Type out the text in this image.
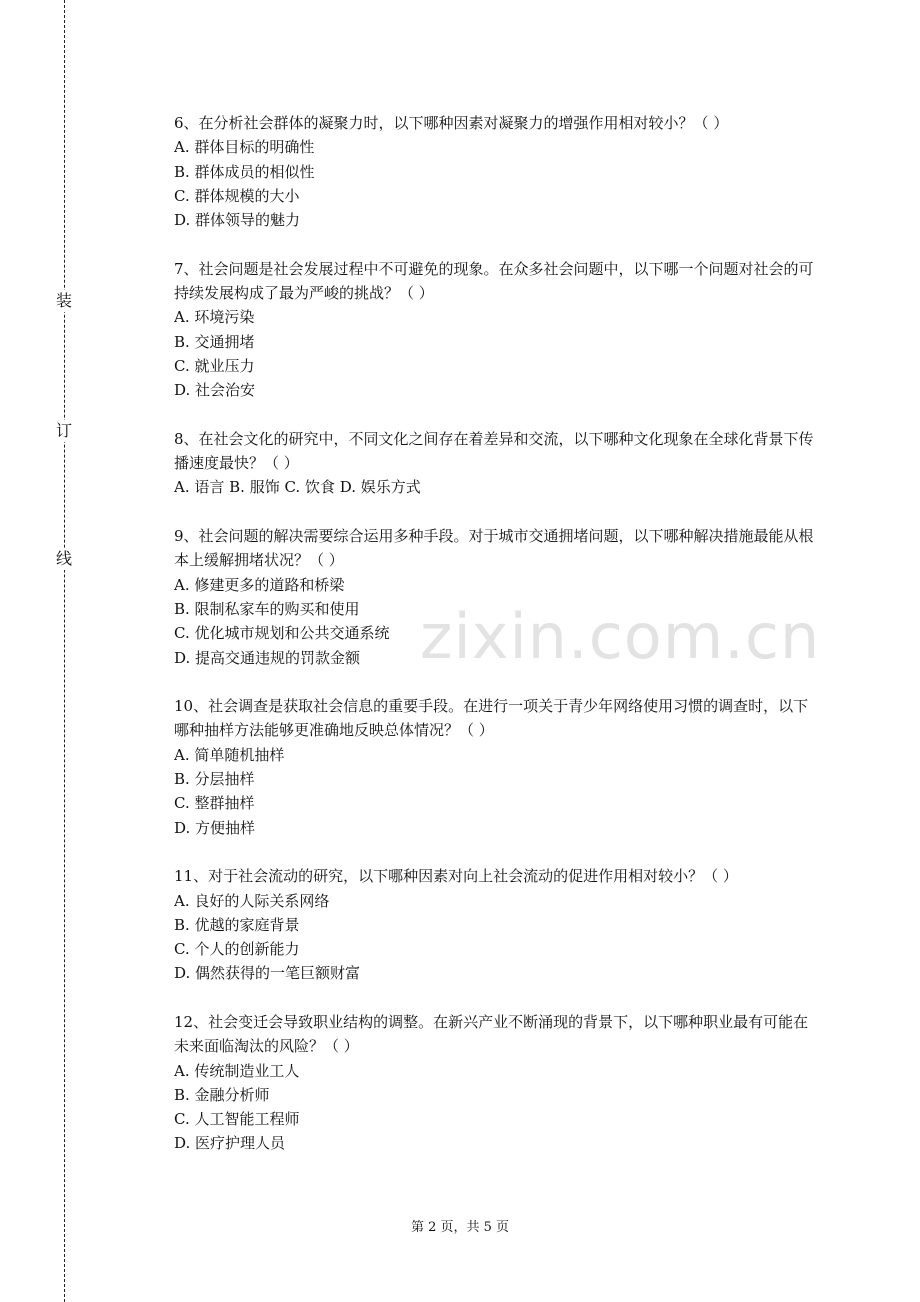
装
订
线
zixin.com.cn

6、在分析社会群体的凝聚力时，以下哪种因素对凝聚力的增强作用相对较小？（ ）

A. 群体目标的明确性

B. 群体成员的相似性

C. 群体规模的大小

D. 群体领导的魅力

7、社会问题是社会发展过程中不可避免的现象。在众多社会问题中，以下哪一个问题对社会的可持续发展构成了最为严峻的挑战？（ ）

A. 环境污染

B. 交通拥堵

C. 就业压力

D. 社会治安

8、在社会文化的研究中，不同文化之间存在着差异和交流，以下哪种文化现象在全球化背景下传播速度最快？（ ）

A. 语言 B. 服饰 C. 饮食 D. 娱乐方式

9、社会问题的解决需要综合运用多种手段。对于城市交通拥堵问题，以下哪种解决措施最能从根本上缓解拥堵状况？（ ）

A. 修建更多的道路和桥梁

B. 限制私家车的购买和使用

C. 优化城市规划和公共交通系统

D. 提高交通违规的罚款金额

10、社会调查是获取社会信息的重要手段。在进行一项关于青少年网络使用习惯的调查时，以下哪种抽样方法能够更准确地反映总体情况？（ ）

A. 简单随机抽样

B. 分层抽样

C. 整群抽样

D. 方便抽样

11、对于社会流动的研究，以下哪种因素对向上社会流动的促进作用相对较小？（ ）

A. 良好的人际关系网络

B. 优越的家庭背景

C. 个人的创新能力

D. 偶然获得的一笔巨额财富

12、社会变迁会导致职业结构的调整。在新兴产业不断涌现的背景下，以下哪种职业最有可能在未来面临淘汰的风险？（ ）

A. 传统制造业工人

B. 金融分析师

C. 人工智能工程师

D. 医疗护理人员

第 2 页，共 5 页
